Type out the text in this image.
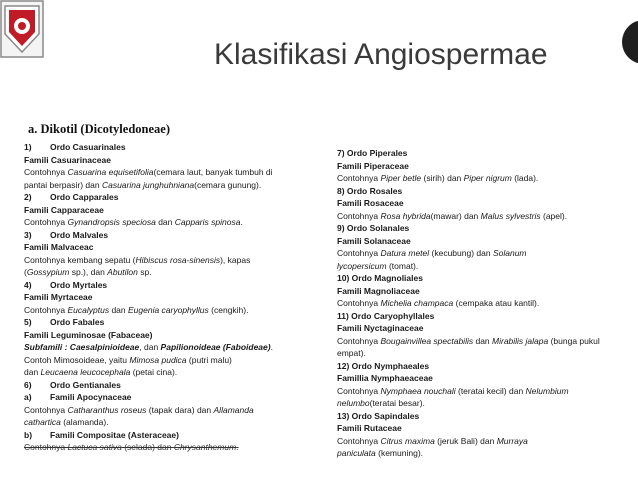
Klasifikasi Angiospermae
a. Dikotil (Dicotyledoneae)
1) Ordo Casuarinales
Famili Casuarinaceae
Contohnya Casuarina equisetifolia(cemara laut, banyak tumbuh di
pantai berpasir) dan Casuarina junghuhniana(cemara gunung).
2) Ordo Capparales
Famili Capparaceae
Contohnya Gynandropsis speciosa dan Capparis spinosa.
3) Ordo Malvales
Famili Malvaceac
Contohnya kembang sepatu (Hibiscus rosa-sinensis), kapas
(Gossypium sp.), dan Abutilon sp.
4) Ordo Myrtales
Famili Myrtaceae
Contohnya Eucalyptus dan Eugenia caryophyllus (cengkih).
5) Ordo Fabales
Famili Leguminosae (Fabaceae)
Subfamili : Caesalpinioideae, dan Papilionoideae (Faboideae).
Contoh Mimosoideae, yaitu Mimosa pudica (putri malu)
dan Leucaena leucocephala (petai cina).
6) Ordo Gentianales
a) Famili Apocynaceae
Contohnya Catharanthus roseus (tapak dara) dan Allamanda
cathartica (alamanda).
b) Famili Compositae (Asteraceae)
Contohnya Lactuca sativa (selada) dan Chrysanthemum.
7) Ordo Piperales
Famili Piperaceae
Contohnya Piper betle (sirih) dan Piper nigrum (lada).
8) Ordo Rosales
Famili Rosaceae
Contohnya Rosa hybrida(mawar) dan Malus sylvestris (apel).
9) Ordo Solanales
Famili Solanaceae
Contohnya Datura metel (kecubung) dan Solanum
lycopersicum (tomat).
10) Ordo Magnoliales
Famili Magnoliaceae
Contohnya Michelia champaca (cempaka atau kantil).
11) Ordo Caryophyllales
Famili Nyctaginaceae
Contohnya Bougainvillea spectabilis dan Mirabilis jalapa (bunga pukul
empat).
12) Ordo Nymphaeales
Famillia Nymphaeaceae
Contohnya Nymphaea nouchali (teratai kecil) dan Nelumbium
nelumbo(teratai besar).
13) Ordo Sapindales
Famili Rutaceae
Contohnya Citrus maxima (jeruk Bali) dan Murraya
paniculata (kemuning).
